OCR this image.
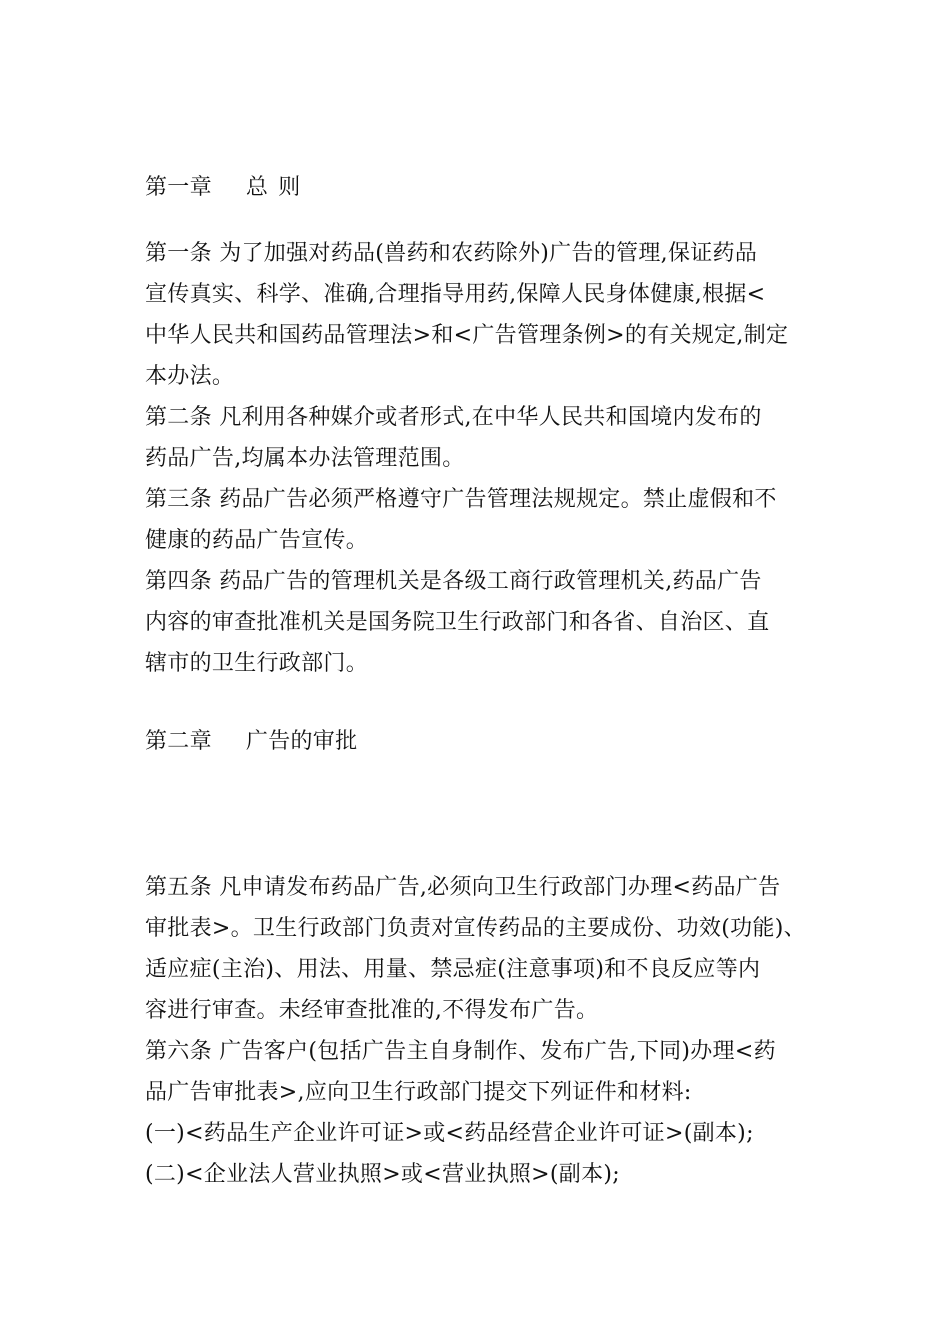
第一章 总 则
第一条 为了加强对药品(兽药和农药除外)广告的管理,保证药品
宣传真实、科学、准确,合理指导用药,保障人民身体健康,根据<
中华人民共和国药品管理法>和<广告管理条例>的有关规定,制定
本办法。
第二条 凡利用各种媒介或者形式,在中华人民共和国境内发布的
药品广告,均属本办法管理范围。
第三条 药品广告必须严格遵守广告管理法规规定。禁止虚假和不
健康的药品广告宣传。
第四条 药品广告的管理机关是各级工商行政管理机关,药品广告
内容的审查批准机关是国务院卫生行政部门和各省、自治区、直
辖市的卫生行政部门。
第二章 广告的审批
第五条 凡申请发布药品广告,必须向卫生行政部门办理<药品广告
审批表>。卫生行政部门负责对宣传药品的主要成份、功效(功能)、
适应症(主治)、用法、用量、禁忌症(注意事项)和不良反应等内
容进行审查。未经审查批准的,不得发布广告。
第六条 广告客户(包括广告主自身制作、发布广告,下同)办理<药
品广告审批表>,应向卫生行政部门提交下列证件和材料:
(一)<药品生产企业许可证>或<药品经营企业许可证>(副本);
(二)<企业法人营业执照>或<营业执照>(副本);
